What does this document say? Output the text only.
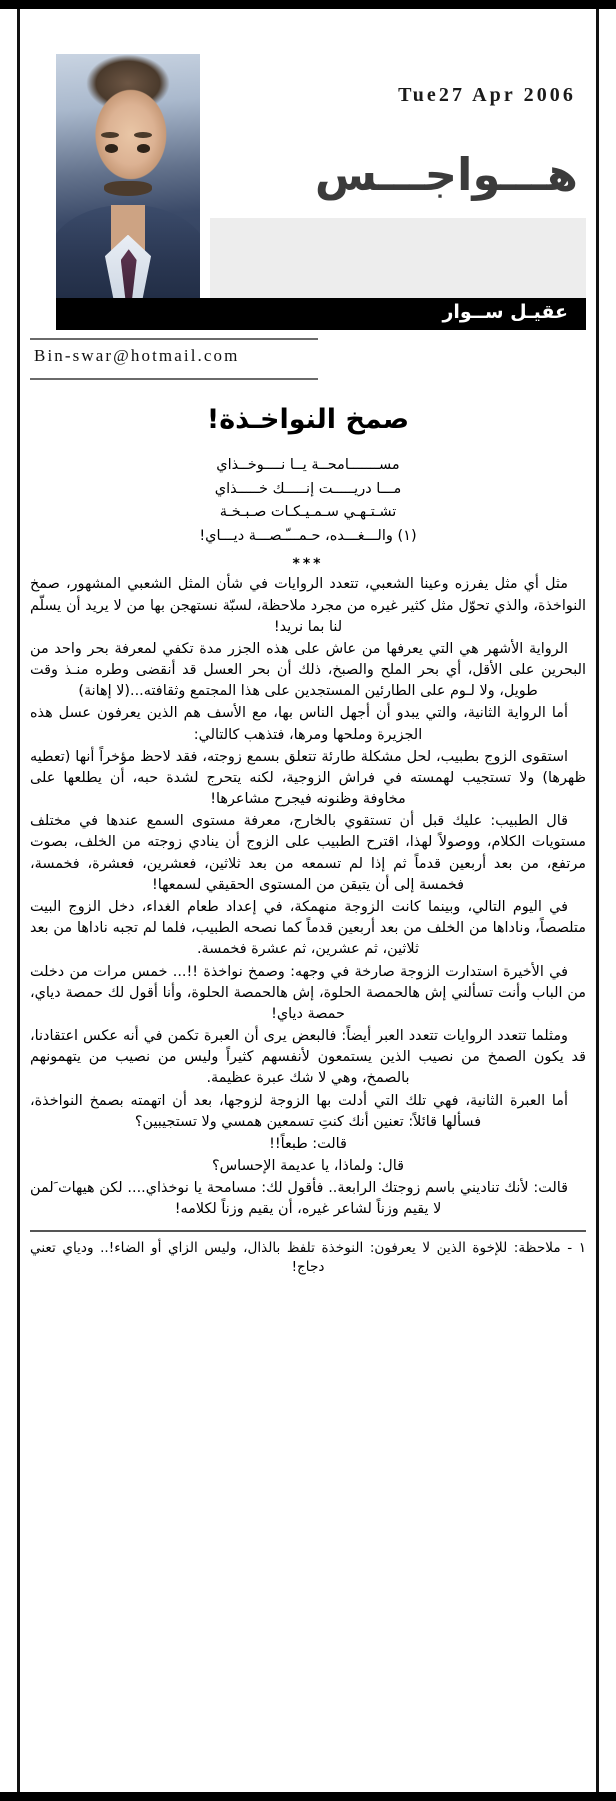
Tue27 Apr 2006
هـــواجـــس
عقيـل ســوار
Bin-swar@hotmail.com
صمخ النواخـذة!
مســـــــامحــة يــا نــــوخــذاي
مـــا دريـــــت إنـــــك خـــــذاي
تشـتـهـي سـمـيـكـات صـبـخـة
(١) والـــغـــده، حـمـــّـصـــة ديـــاي!
***

مثل أي مثل يفرزه وعينا الشعبي، تتعدد الروايات في شأن المثل الشعبي المشهور، صمخ النواخذة، والذي تحوّل مثل كثير غيره من مجرد ملاحظة، لسبّة نستهجن بها من لا يريد أن يسلّم لنا بما نريد!

الرواية الأشهر هي التي يعرفها من عاش على هذه الجزر مدة تكفي لمعرفة بحر واحد من البحرين على الأقل، أي بحر الملح والصبخ، ذلك أن بحر العسل قد أنقضى وطره منـذ وقت طويل، ولا لـوم على الطارئين المستجدين على هذا المجتمع وثقافته...(لا إهانة)

أما الرواية الثانية، والتي يبدو أن أجهل الناس بها، مع الأسف هم الذين يعرفون عسل هذه الجزيرة وملحها ومرها، فتذهب كالتالي:

استقوى الزوج بطبيب، لحل مشكلة طارئة تتعلق بسمع زوجته، فقد لاحظ مؤخراً أنها (تعطيه ظهرها) ولا تستجيب لهمسته في فراش الزوجية، لكنه يتحرج لشدة حبه، أن يطلعها على مخاوفة وظنونه فيجرح مشاعرها!

قال الطبيب: عليك قبل أن تستقوي بالخارج، معرفة مستوى السمع عندها في مختلف مستويات الكلام، ووصولاً لهذا، اقترح الطبيب على الزوج أن ينادي زوجته من الخلف، بصوت مرتفع، من بعد أربعين قدماً ثم إذا لم تسمعه من بعد ثلاثين، فعشرين، فعشرة، فخمسة، فخمسة إلى أن يتيقن من المستوى الحقيقي لسمعها!

في اليوم التالي، وبينما كانت الزوجة منهمكة، في إعداد طعام الغداء، دخل الزوج البيت متلصصاً، وناداها من الخلف من بعد أربعين قدماً كما نصحه الطبيب، فلما لم تجبه ناداها من بعد ثلاثين، ثم عشرين، ثم عشرة فخمسة.

في الأخيرة استدارت الزوجة صارخة في وجهه: وصمخ نواخذة !!... خمس مرات من دخلت من الباب وأنت تسألني إش هالحمصة الحلوة، إش هالحمصة الحلوة، وأنا أقول لك حمصة دياي، حمصة دياي!

ومثلما تتعدد الروايات تتعدد العبر أيضاً: فالبعض يرى أن العبرة تكمن في أنه عكس اعتقادنا، قد يكون الصمخ من نصيب الذين يستمعون لأنفسهم كثيراً وليس من نصيب من يتهمونهم بالصمخ، وهي لا شك عبرة عظيمة.

أما العبرة الثانية، فهي تلك التي أدلت بها الزوجة لزوجها، بعد أن اتهمته بصمخ النواخذة، فسألها قائلاً: تعنين أنك كنتِ تسمعين همسي ولا تستجيبين؟

قالت: طبعاً!!

قال: ولماذا، يا عديمة الإحساس؟

قالت: لأنك تناديني باسم زوجتك الرابعة.. فأقول لك: مسامحة يا نوخذاي.... لكن هيهات َلمن لا يقيم وزناً لشاعر غيره، أن يقيم وزناً لكلامه!

١ - ملاحظة: للإخوة الذين لا يعرفون: النوخذة تلفظ بالذال، وليس الزاي أو الضاء!.. ودياي تعني دجاج!
